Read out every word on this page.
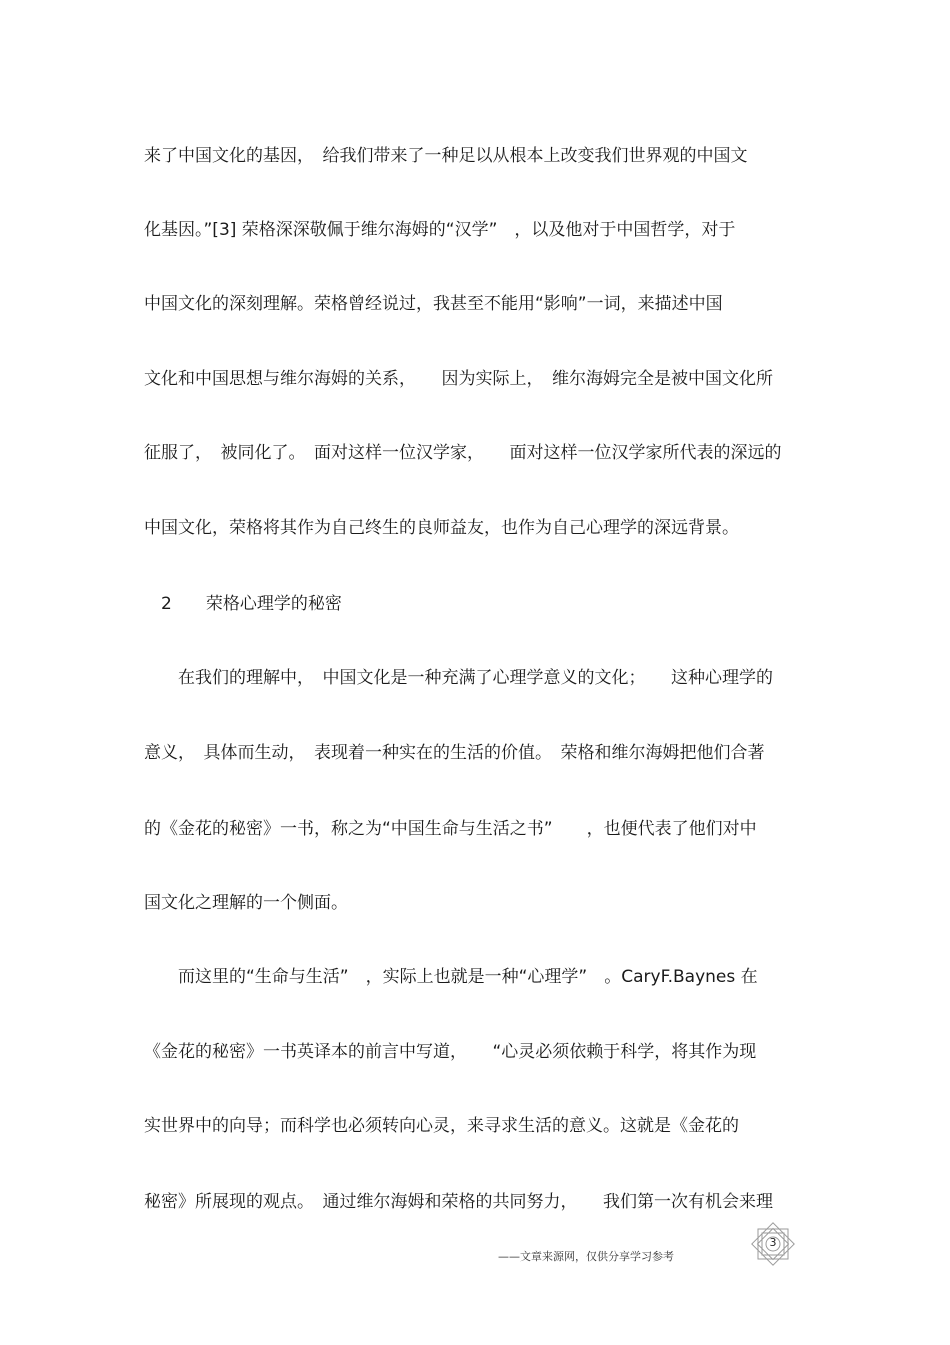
来了中国文化的基因，　给我们带来了一种足以从根本上改变我们世界观的中国文
化基因。”[3] 荣格深深敬佩于维尔海姆的“汉学”　，以及他对于中国哲学，对于
中国文化的深刻理解。荣格曾经说过，我甚至不能用“影响”一词，来描述中国
文化和中国思想与维尔海姆的关系，　　因为实际上，　维尔海姆完全是被中国文化所
征服了，　被同化了。　面对这样一位汉学家，　　面对这样一位汉学家所代表的深远的
中国文化，荣格将其作为自己终生的良师益友，也作为自己心理学的深远背景。
　2　　荣格心理学的秘密
　　在我们的理解中，　中国文化是一种充满了心理学意义的文化；　　这种心理学的
意义，　具体而生动，　表现着一种实在的生活的价值。　荣格和维尔海姆把他们合著
的《金花的秘密》一书，称之为“中国生命与生活之书”　　，也便代表了他们对中
国文化之理解的一个侧面。
　　而这里的“生命与生活”　，实际上也就是一种“心理学”　。CaryF.Baynes 在
《金花的秘密》一书英译本的前言中写道，　　“心灵必须依赖于科学，将其作为现
实世界中的向导；而科学也必须转向心灵，来寻求生活的意义。这就是《金花的
秘密》所展现的观点。　通过维尔海姆和荣格的共同努力，　　我们第一次有机会来理
——文章来源网，仅供分享学习参考
3
